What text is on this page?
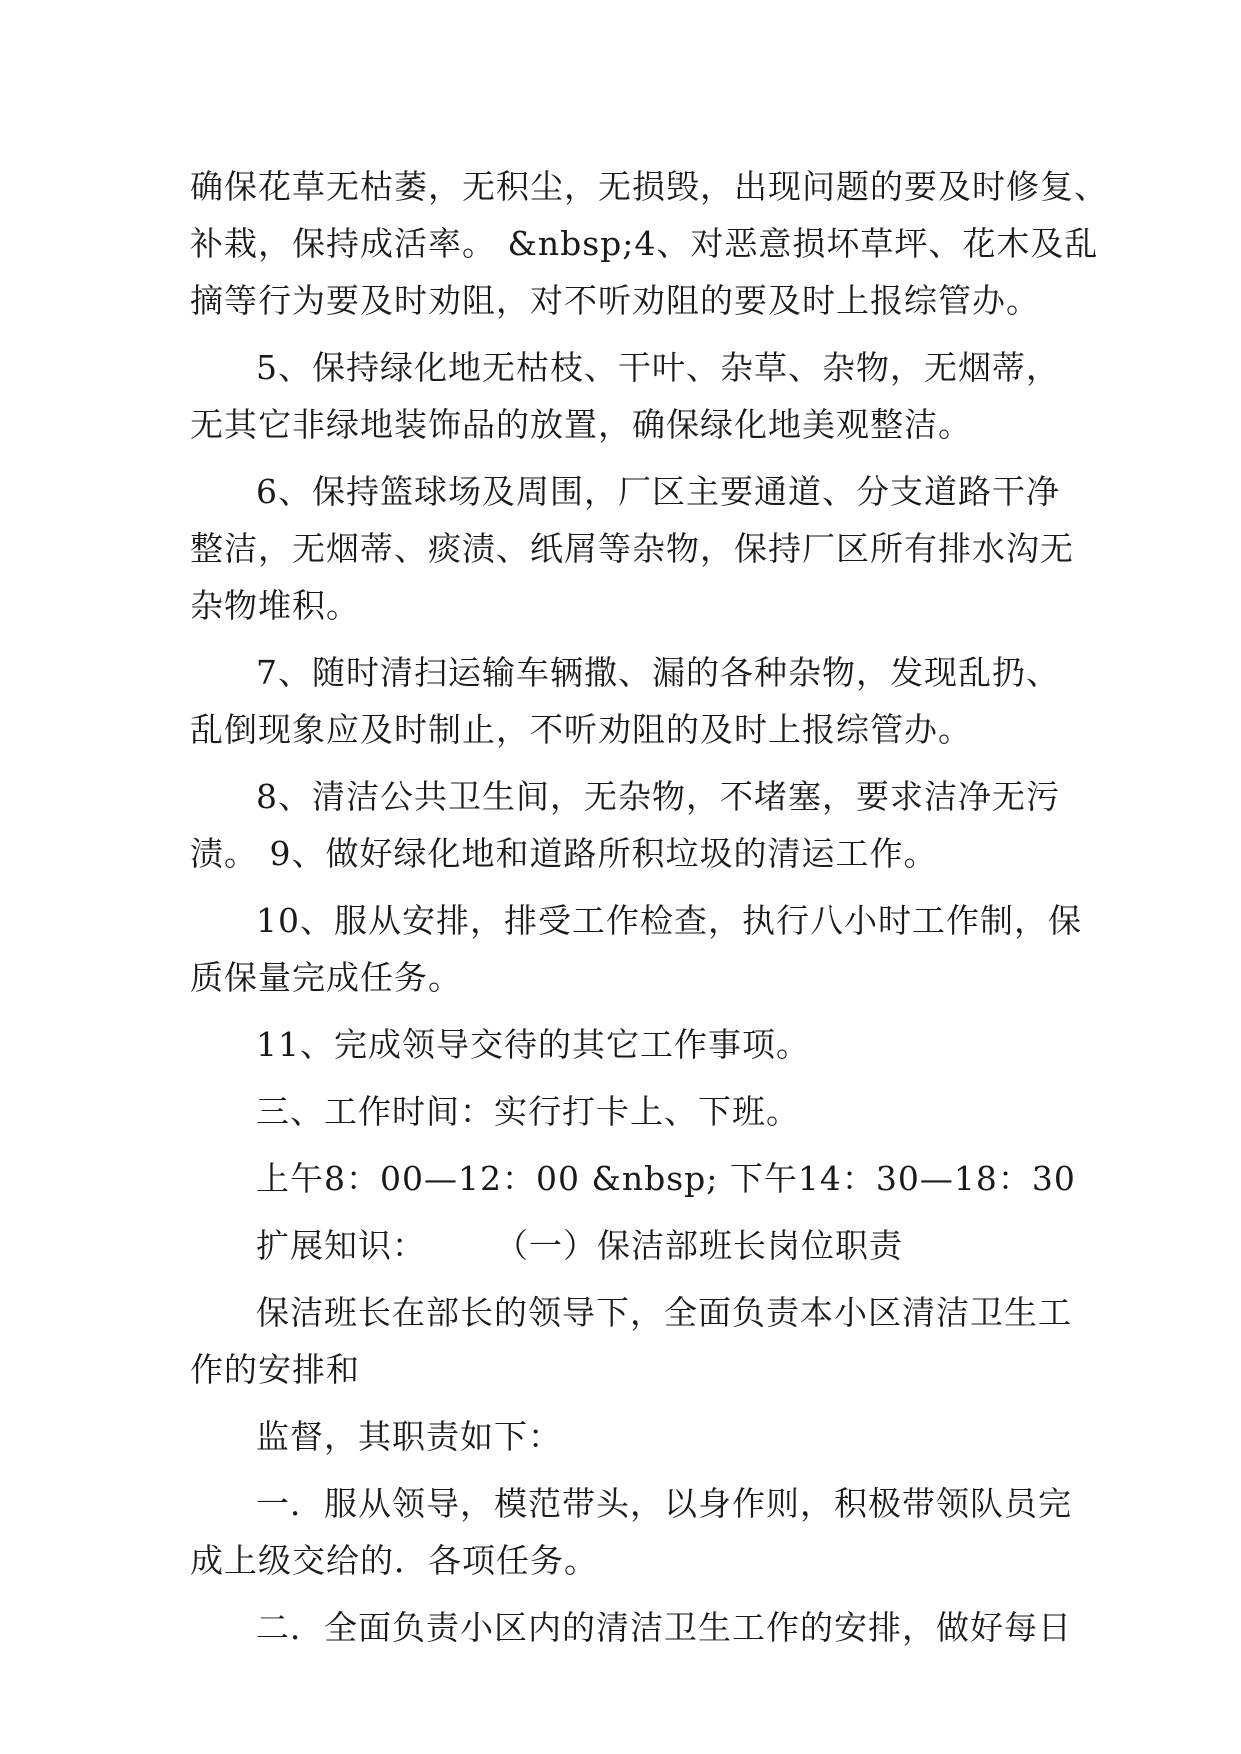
确保花草无枯萎，无积尘，无损毁，出现问题的要及时修复、
补栽，保持成活率。 &nbsp;4、对恶意损坏草坪、花木及乱
摘等行为要及时劝阻，对不听劝阻的要及时上报综管办。
5、保持绿化地无枯枝、干叶、杂草、杂物，无烟蒂，
无其它非绿地装饰品的放置，确保绿化地美观整洁。
6、保持篮球场及周围，厂区主要通道、分支道路干净
整洁，无烟蒂、痰渍、纸屑等杂物，保持厂区所有排水沟无
杂物堆积。
7、随时清扫运输车辆撒、漏的各种杂物，发现乱扔、
乱倒现象应及时制止，不听劝阻的及时上报综管办。
8、清洁公共卫生间，无杂物，不堵塞，要求洁净无污
渍。 9、做好绿化地和道路所积垃圾的清运工作。
10、服从安排，排受工作检查，执行八小时工作制，保
质保量完成任务。
11、完成领导交待的其它工作事项。
三、工作时间：实行打卡上、下班。
上午8：00—12：00 &nbsp; 下午14：30—18：30
扩展知识：　　　（一）保洁部班长岗位职责
保洁班长在部长的领导下，全面负责本小区清洁卫生工
作的安排和
监督，其职责如下：
一．服从领导，模范带头，以身作则，积极带领队员完
成上级交给的．各项任务。
二．全面负责小区内的清洁卫生工作的安排，做好每日
